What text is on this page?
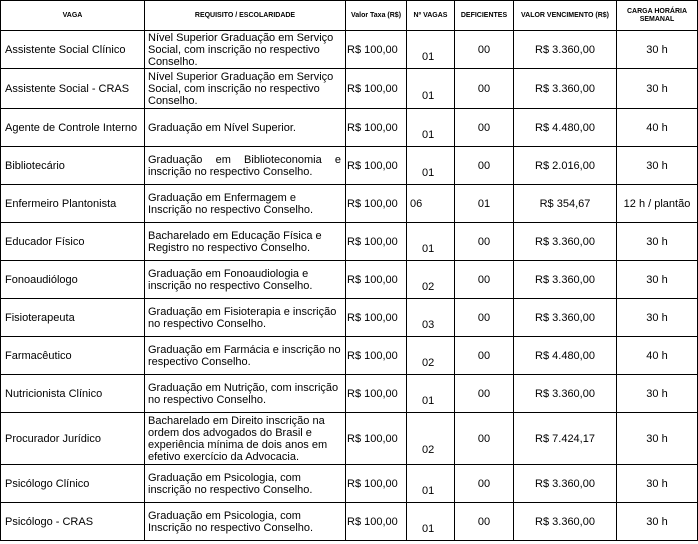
VAGA	REQUISITO / ESCOLARIDADE	Valor Taxa (R$)	Nº VAGAS	DEFICIENTES	VALOR VENCIMENTO (R$)	CARGA HORÁRIA SEMANAL
Assistente Social Clínico	Nível Superior Graduação em Serviço Social, com inscrição no respectivo Conselho.	R$ 100,00	01	00	R$ 3.360,00	30 h
Assistente Social - CRAS	Nível Superior Graduação em Serviço Social, com inscrição no respectivo Conselho.	R$ 100,00	01	00	R$ 3.360,00	30 h
Agente de Controle Interno	Graduação em Nível Superior.	R$ 100,00	01	00	R$ 4.480,00	40 h
Bibliotecário	Graduação em Biblioteconomia e inscrição no respectivo Conselho.	R$ 100,00	01	00	R$ 2.016,00	30 h
Enfermeiro Plantonista	Graduação em Enfermagem e Inscrição no respectivo Conselho.	R$ 100,00	06	01	R$ 354,67	12 h / plantão
Educador Físico	Bacharelado em Educação Física e Registro no respectivo Conselho.	R$ 100,00	01	00	R$ 3.360,00	30 h
Fonoaudiólogo	Graduação em Fonoaudiologia e inscrição no respectivo Conselho.	R$ 100,00	02	00	R$ 3.360,00	30 h
Fisioterapeuta	Graduação em Fisioterapia e inscrição no respectivo Conselho.	R$ 100,00	03	00	R$ 3.360,00	30 h
Farmacêutico	Graduação em Farmácia e inscrição no respectivo Conselho.	R$ 100,00	02	00	R$ 4.480,00	40 h
Nutricionista Clínico	Graduação em Nutrição, com inscrição no respectivo Conselho.	R$ 100,00	01	00	R$ 3.360,00	30 h
Procurador Jurídico	Bacharelado em Direito inscrição na ordem dos advogados do Brasil e experiência mínima de dois anos em efetivo exercício da Advocacia.	R$ 100,00	02	00	R$ 7.424,17	30 h
Psicólogo Clínico	Graduação em Psicologia, com inscrição no respectivo Conselho.	R$ 100,00	01	00	R$ 3.360,00	30 h
Psicólogo - CRAS	Graduação em Psicologia, com Inscrição no respectivo Conselho.	R$ 100,00	01	00	R$ 3.360,00	30 h
